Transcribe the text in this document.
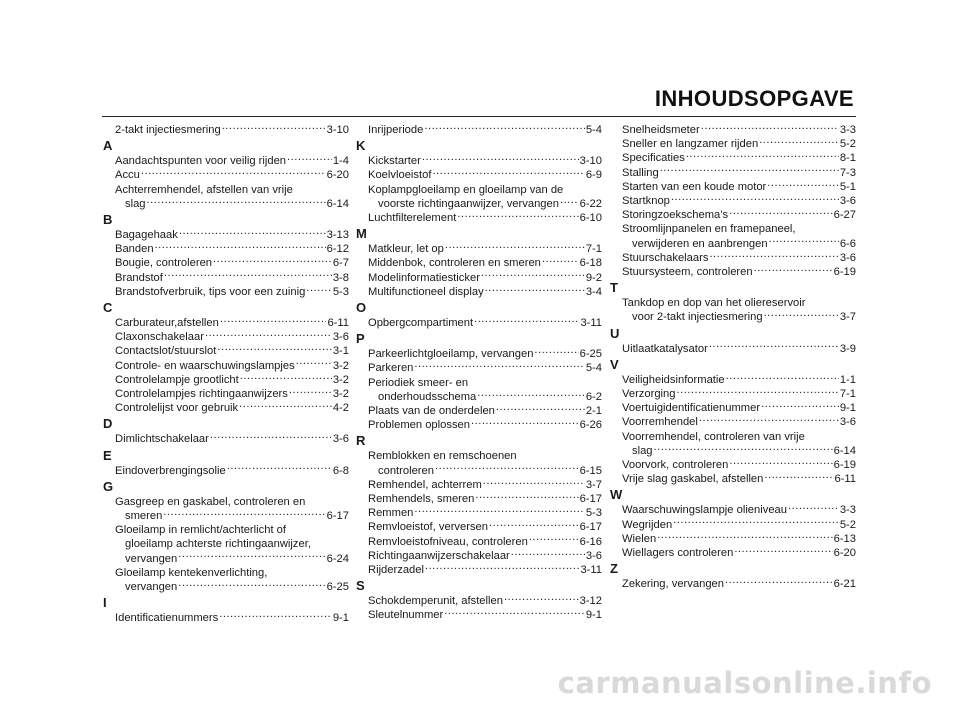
INHOUDSOPGAVE
2-takt injectiesmering .....	3-10
A
Aandachtspunten voor veilig rijden .....	1-4
Accu .....	6-20
Achterremhendel, afstellen van vrije
slag .....	6-14
B
Bagagehaak .....	3-13
Banden .....	6-12
Bougie, controleren .....	6-7
Brandstof .....	3-8
Brandstofverbruik, tips voor een zuinig ..... 5-3
C
Carburateur,afstellen .....	6-11
Claxonschakelaar .....	3-6
Contactslot/stuurslot .....	3-1
Controle- en waarschuwingslampjes .....	3-2
Controlelampje grootlicht .....	3-2
Controlelampjes richtingaanwijzers .....	3-2
Controlelijst voor gebruik .....	4-2
D
Dimlichtschakelaar .....	3-6
E
Eindoverbrengingsolie .....	6-8
G
Gasgreep en gaskabel, controleren en
smeren .....	6-17
Gloeilamp in remlicht/achterlicht of
gloeilamp achterste richtingaanwijzer,
vervangen .....	6-24
Gloeilamp kentekenverlichting,
vervangen .....	6-25
I
Identificatienummers .....	9-1
Inrijperiode .....	5-4
K
Kickstarter .....	3-10
Koelvloeistof .....	6-9
Koplampgloeilamp en gloeilamp van de
voorste richtingaanwijzer, vervangen ..... 6-22
Luchtfilterelement .....	6-10
M
Matkleur, let op .....	7-1
Middenbok, controleren en smeren .....	6-18
Modelinformatiesticker .....	9-2
Multifunctioneel display .....	3-4
O
Opbergcompartiment .....	3-11
P
Parkeerlichtgloeilamp, vervangen .....	6-25
Parkeren .....	5-4
Periodiek smeer- en
onderhoudsschema .....	6-2
Plaats van de onderdelen .....	2-1
Problemen oplossen .....	6-26
R
Remblokken en remschoenen
controleren .....	6-15
Remhendel, achterrem .....	3-7
Remhendels, smeren .....	6-17
Remmen .....	5-3
Remvloeistof, verversen .....	6-17
Remvloeistofniveau, controleren .....	6-16
Richtingaanwijzerschakelaar .....	3-6
Rijderzadel .....	3-11
S
Schokdemperunit, afstellen .....	3-12
Sleutelnummer .....	9-1
Snelheidsmeter .....	3-3
Sneller en langzamer rijden .....	5-2
Specificaties .....	8-1
Stalling .....	7-3
Starten van een koude motor .....	5-1
Startknop .....	3-6
Storingzoekschema’s .....	6-27
Stroomlijnpanelen en framepaneel,
verwijderen en aanbrengen .....	6-6
Stuurschakelaars .....	3-6
Stuursysteem, controleren .....	6-19
T
Tankdop en dop van het oliereservoir
voor 2-takt injectiesmering .....	3-7
U
Uitlaatkatalysator .....	3-9
V
Veiligheidsinformatie .....	1-1
Verzorging .....	7-1
Voertuigidentificatienummer .....	9-1
Voorremhendel .....	3-6
Voorremhendel, controleren van vrije
slag .....	6-14
Voorvork, controleren .....	6-19
Vrije slag gaskabel, afstellen .....	6-11
W
Waarschuwingslampje olieniveau .....	3-3
Wegrijden .....	5-2
Wielen .....	6-13
Wiellagers controleren .....	6-20
Z
Zekering, vervangen .....	6-21
carmanualsonline.info
